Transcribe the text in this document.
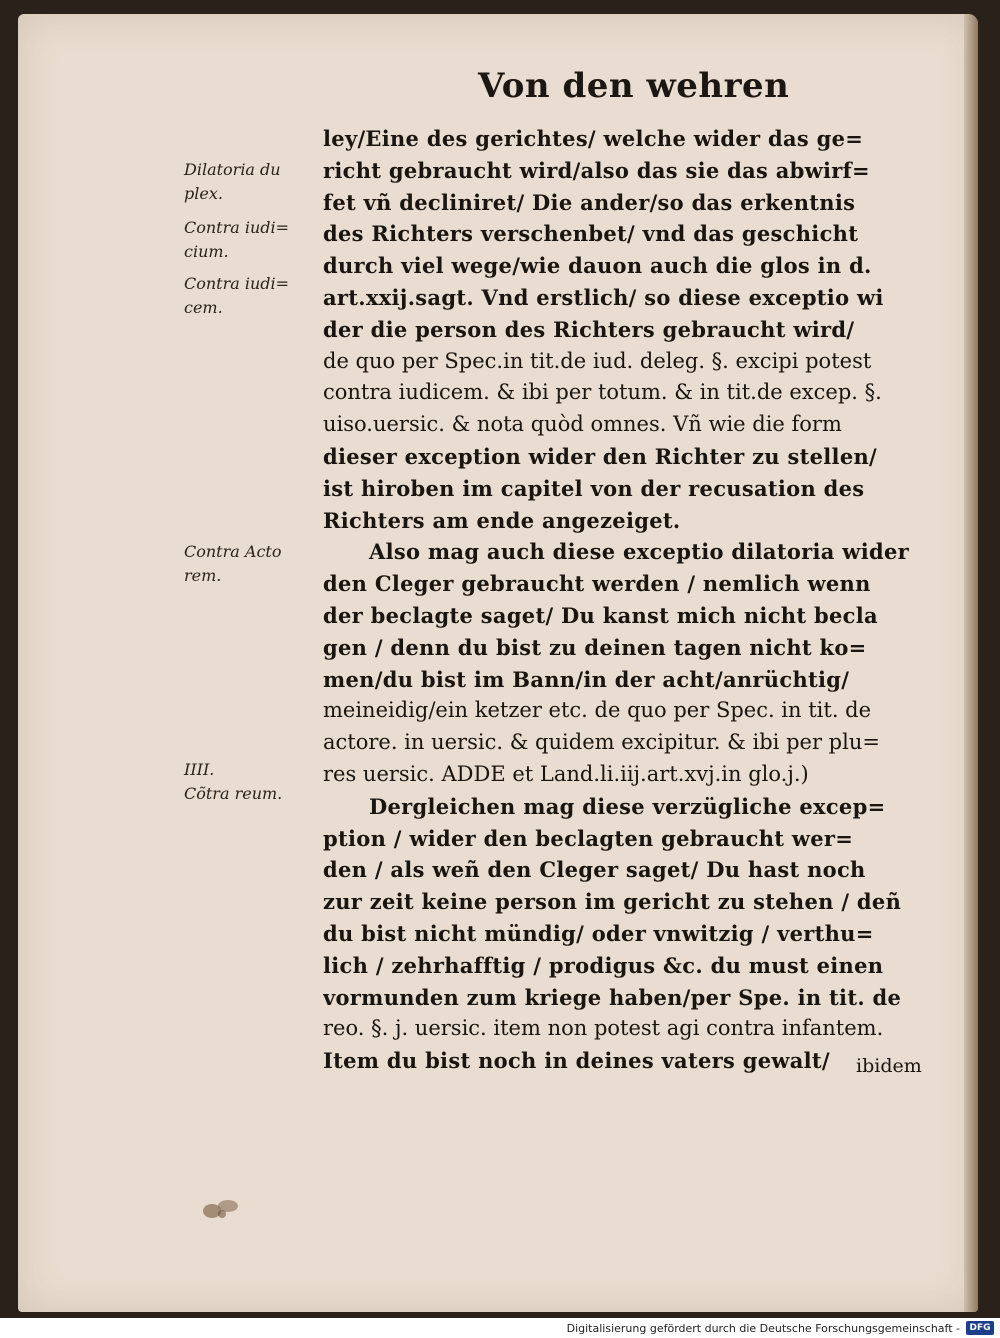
Von den wehren
Dilatoria du
plex.
Contra iudi=
cium.
Contra iudi=
cem.
Contra Acto
rem.
IIII.
Cõtra reum.
ley/Eine des gerichtes/ welche wider das ge=
richt gebraucht wird/also das sie das abwirf=
fet vñ decliniret/ Die ander/so das erkentnis
des Richters verschenbet/ vnd das geschicht
durch viel wege/wie dauon auch die glos in d.
art.xxij.sagt. Vnd erstlich/ so diese exceptio wi
der die person des Richters gebraucht wird/
de quo per Spec.in tit.de iud. deleg. §. excipi potest
contra iudicem. & ibi per totum. & in tit.de excep. §.
uiso.uersic. & nota quòd omnes. Vñ wie die form
dieser exception wider den Richter zu stellen/
ist hiroben im capitel von der recusation des
Richters am ende angezeiget.
Also mag auch diese exceptio dilatoria wider
den Cleger gebraucht werden / nemlich wenn
der beclagte saget/ Du kanst mich nicht becla
gen / denn du bist zu deinen tagen nicht ko=
men/du bist im Bann/in der acht/anrüchtig/
meineidig/ein ketzer etc. de quo per Spec. in tit. de
actore. in uersic. & quidem excipitur. & ibi per plu=
res uersic. ADDE et Land.li.iij.art.xvj.in glo.j.)
Dergleichen mag diese verzügliche excep=
ption / wider den beclagten gebraucht wer=
den / als weñ den Cleger saget/ Du hast noch
zur zeit keine person im gericht zu stehen / deñ
du bist nicht mündig/ oder vnwitzig / verthu=
lich / zehrhafftig / prodigus &c. du must einen
vormunden zum kriege haben/per Spe. in tit. de
reo. §. j. uersic. item non potest agi contra infantem.
Item du bist noch in deines vaters gewalt/	ibidem
Digitalisierung gefördert durch die Deutsche Forschungsgemeinschaft -	DFG
